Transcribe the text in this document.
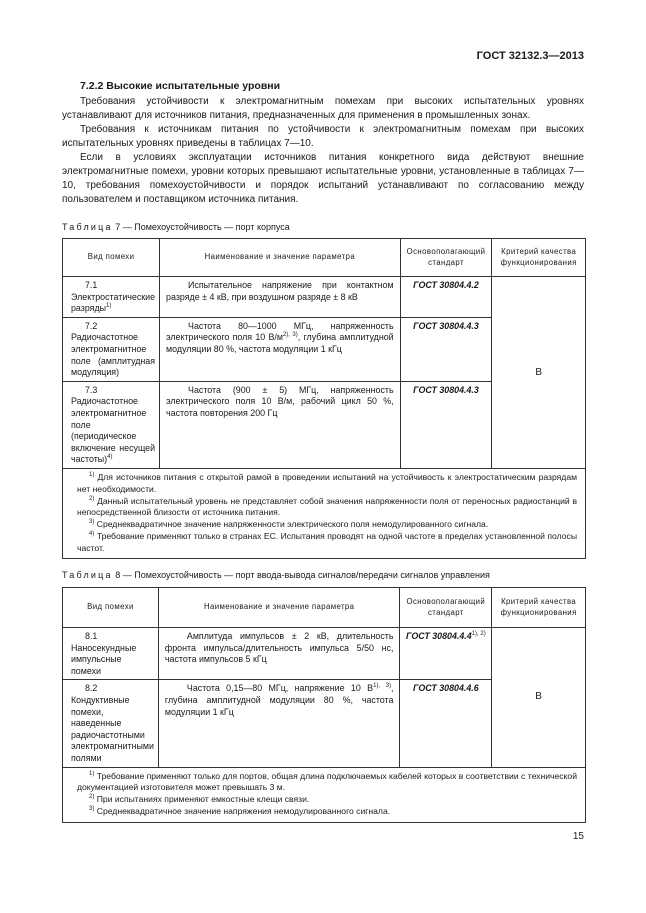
ГОСТ 32132.3—2013
7.2.2 Высокие испытательные уровни

Требования устойчивости к электромагнитным помехам при высоких испытательных уровнях устанавливают для источников питания, предназначенных для применения в промышленных зонах.

Требования к источникам питания по устойчивости к электромагнитным помехам при высоких испытательных уровнях приведены в таблицах 7—10.

Если в условиях эксплуатации источников питания конкретного вида действуют внешние электромагнитные помехи, уровни которых превышают испытательные уровни, установленные в таблицах 7—10, требования помехоустойчивости и порядок испытаний устанавливают по согласованию между пользователем и поставщиком источника питания.

Таблица 7 — Помехоустойчивость — порт корпуса
Вид помехи	Наименование и значение параметра	Основополагающий стандарт	Критерий качества функционирования

7.1 Электростатические разряды$^{1)}$	Испытательное напряжение при контактном разряде ± 4 кВ, при воздушном разряде ± 8 кВ	ГОСТ 30804.4.2	B

7.2 Радиочастотное электромагнитное поле (амплитудная модуляция)	Частота 80—1000 МГц, напряженность электрического поля 10 $В/м^{2), 3)}$, глубина амплитудной модуляции 80 %, частота модуляции 1 кГц	ГОСТ 30804.4.3	

7.3 Радиочастотное электромагнитное поле (периодическое включение несущей частоты)$^{4)}$	Частота (900 ± 5) МГц, напряженность электрического поля 10 В/м, рабочий цикл 50 %, частота повторения 200 Гц	ГОСТ 30804.4.3	

$^{1)}$ Для источников питания с открытой рамой в проведении испытаний на устойчивость к электростатическим разрядам нет необходимости.

$^{2)}$ Данный испытательный уровень не представляет собой значения напряженности поля от переносных радиостанций в непосредственной близости от источника питания.

$^{3)}$ Среднеквадратичное значение напряженности электрического поля немодулированного сигнала.

$^{4)}$ Требование применяют только в странах ЕС. Испытания проводят на одной частоте в пределах установленной полосы частот.			

Таблица 8 — Помехоустойчивость — порт ввода-вывода сигналов/передачи сигналов управления
Вид помехи	Наименование и значение параметра	Основополагающий стандарт	Критерий качества функционирования

8.1 Наносекундные импульсные помехи	Амплитуда импульсов ± 2 кВ, длительность фронта импульса/длительность импульса 5/50 нс, частота импульсов 5 кГц	ГОСТ $30804.4.4^{1), 2)}$	B

8.2 Кондуктивные помехи, наведенные радиочастотными электромагнитными полями	Частота 0,15—80 МГц, напряжение 10 $В^{1), 3)}$, глубина амплитудной модуляции 80 %, частота модуляции 1 кГц	ГОСТ 30804.4.6	

$^{1)}$ Требование применяют только для портов, общая длина подключаемых кабелей которых в соответствии с технической документацией изготовителя может превышать 3 м.

$^{2)}$ При испытаниях применяют емкостные клещи связи.

$^{3)}$ Среднеквадратичное значение напряжения немодулированного сигнала.			

15
